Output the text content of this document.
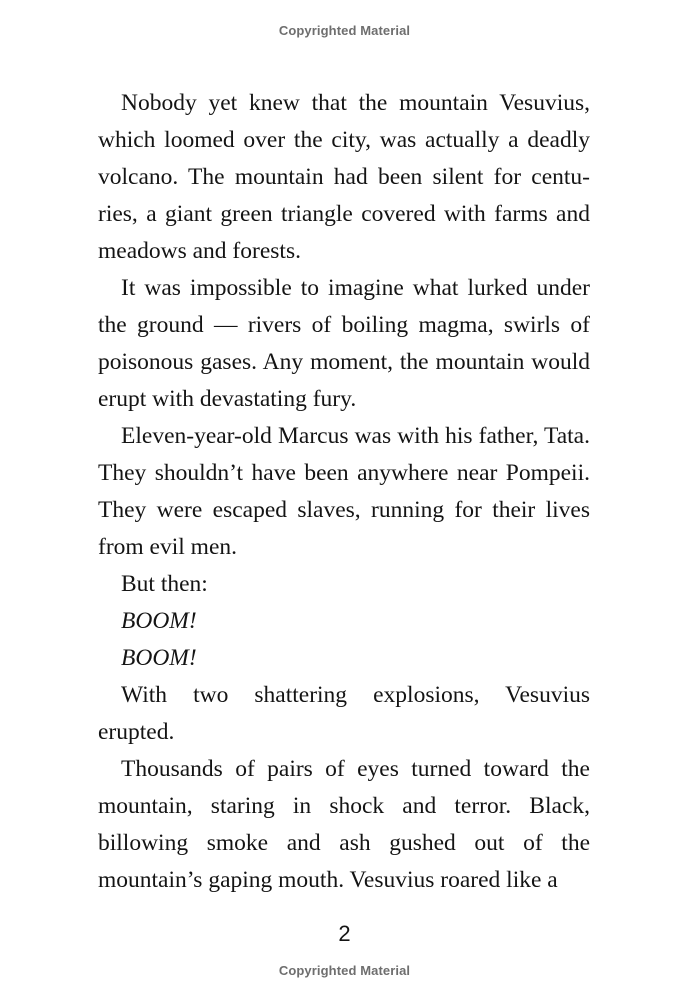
Copyrighted Material

Nobody yet knew that the mountain Vesuvius, which loomed over the city, was actually a deadly volcano. The mountain had been silent for centu-ries, a giant green triangle covered with farms and meadows and forests.

It was impossible to imagine what lurked under the ground — rivers of boiling magma, swirls of poisonous gases. Any moment, the mountain would erupt with devastating fury.

Eleven-year-old Marcus was with his father, Tata. They shouldn’t have been anywhere near Pompeii. They were escaped slaves, running for their lives from evil men.

But then:

BOOM!

BOOM!

With two shattering explosions, Vesuvius erupted.

Thousands of pairs of eyes turned toward the mountain, staring in shock and terror. Black, billowing smoke and ash gushed out of the mountain’s gaping mouth. Vesuvius roared like a

2
Copyrighted Material
